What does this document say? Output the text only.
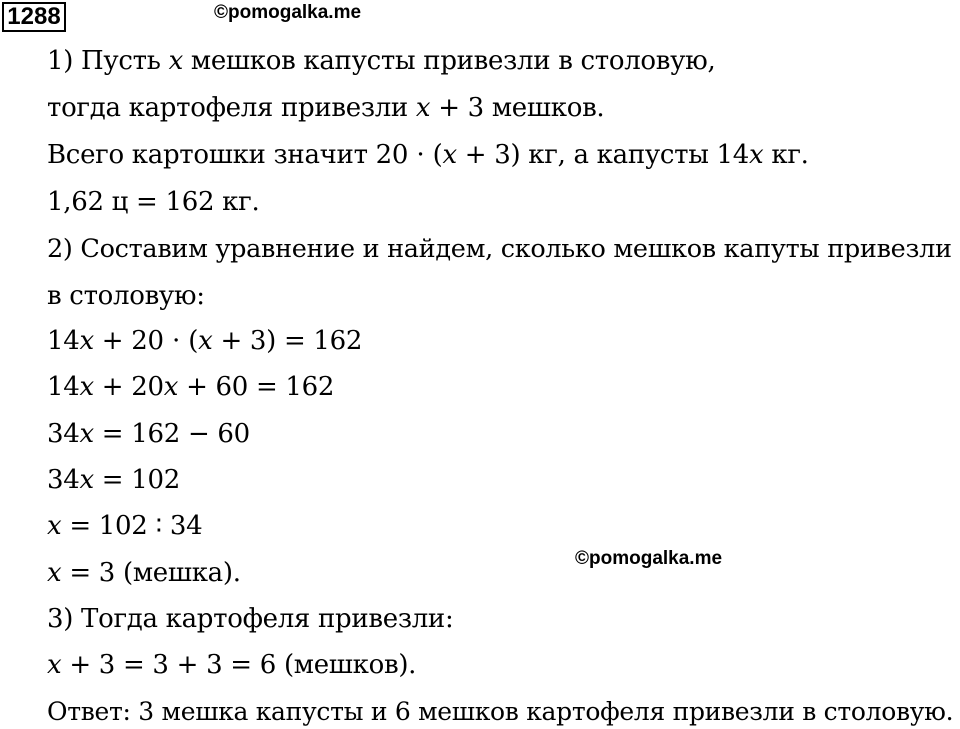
1288	©pomogalka.me
©pomogalka.me
1) Пусть 𝑥 мешков капусты привезли в столовую,
тогда картофеля привезли 𝑥 + 3 мешков.
Всего картошки значит 20 ⋅ (𝑥 + 3) кг, а капусты 14𝑥 кг.
1,62 ц = 162 кг.
2) Составим уравнение и найдем, сколько мешков капуты привезли
в столовую:
14𝑥 + 20 ⋅ (𝑥 + 3) = 162
14𝑥 + 20𝑥 + 60 = 162
34𝑥 = 162 − 60
34𝑥 = 102
𝑥 = 102 ∶ 34
𝑥 = 3 (мешка).
3) Тогда картофеля привезли:
𝑥 + 3 = 3 + 3 = 6 (мешков).
Ответ: 3 мешка капусты и 6 мешков картофеля привезли в столовую.
